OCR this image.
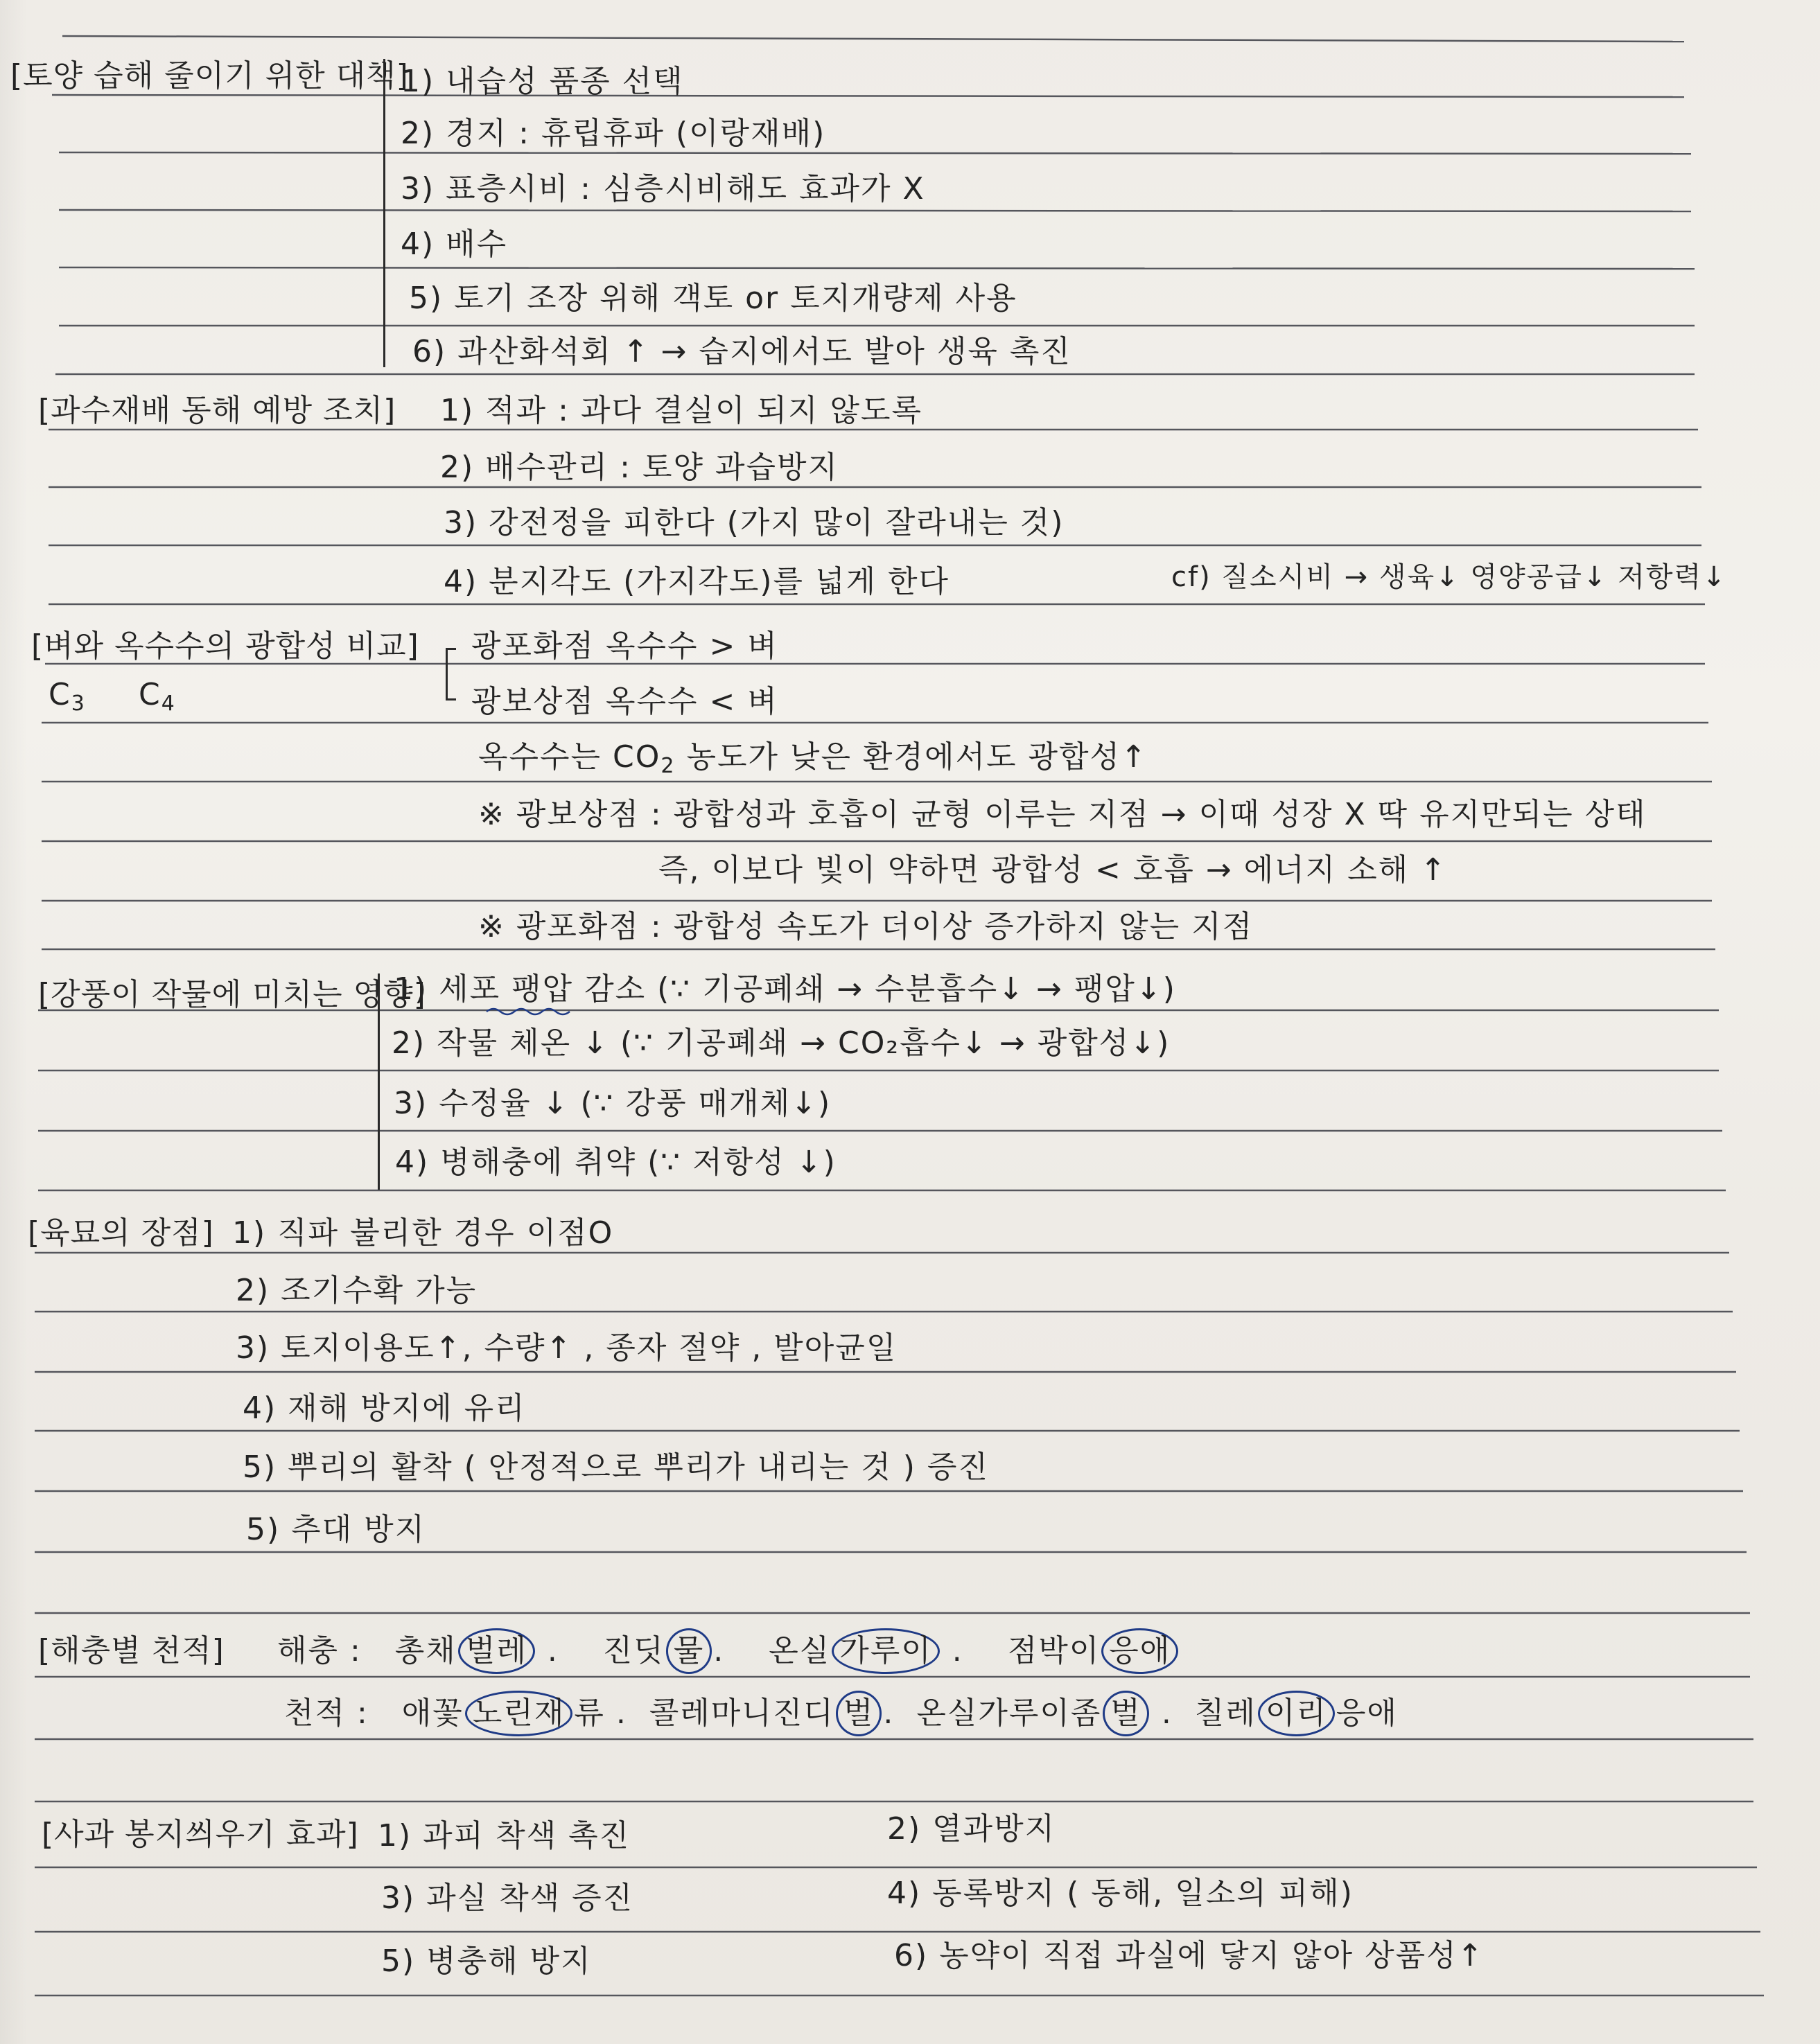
[토양 습해 줄이기 위한 대책]
1) 내습성 품종 선택
2) 경지 : 휴립휴파 (이랑재배)
3) 표층시비 : 심층시비해도 효과가 X
4) 배수
5) 토기 조장 위해 객토 or 토지개량제 사용
6) 과산화석회 ↑ → 습지에서도 발아 생육 촉진
[과수재배 동해 예방 조치] 1) 적과 : 과다 결실이 되지 않도록
2) 배수관리 : 토양 과습방지
3) 강전정을 피한다 (가지 많이 잘라내는 것)
4) 분지각도 (가지각도)를 넓게 한다	cf) 질소시비 → 생육↓ 영양공급↓ 저항력↓
[벼와 옥수수의 광합성 비교]
$C_3$ $C_4$
광포화점 옥수수 > 벼
광보상점 옥수수 < 벼
옥수수는 $CO_2$ 농도가 낮은 환경에서도 광합성↑
※ 광보상점 : 광합성과 호흡이 균형 이루는 지점 → 이때 성장 X 딱 유지만되는 상태
즉, 이보다 빛이 약하면 광합성 < 호흡 → 에너지 소해 ↑
※ 광포화점 : 광합성 속도가 더이상 증가하지 않는 지점
[강풍이 작물에 미치는 영향]
1) 세포 팽압 감소 (∵ 기공폐쇄 → 수분흡수↓ → 팽압↓)
2) 작물 체온 ↓ (∵ 기공폐쇄 → CO₂흡수↓ → 광합성↓)
3) 수정율 ↓ (∵ 강풍 매개체↓)
4) 병해충에 취약 (∵ 저항성 ↓)
[육묘의 장점] 1) 직파 불리한 경우 이점O
2) 조기수확 가능
3) 토지이용도↑, 수량↑ , 종자 절약 , 발아균일
4) 재해 방지에 유리
5) 뿌리의 활착 ( 안정적으로 뿌리가 내리는 것 ) 증진
5) 추대 방지
[해충별 천적] 해충 : 총채 벌레 . 진딧 물 . 온실 가루이 . 점박이 응애
천적 : 애꽃 노린재 류 . 콜레마니진디 벌 . 온실가루이좀 벌 . 칠레 이리 응애
[사과 봉지씌우기 효과] 1) 과피 착색 촉진	2) 열과방지
3) 과실 착색 증진	4) 동록방지 ( 동해, 일소의 피해)
5) 병충해 방지	6) 농약이 직접 과실에 닿지 않아 상품성↑
